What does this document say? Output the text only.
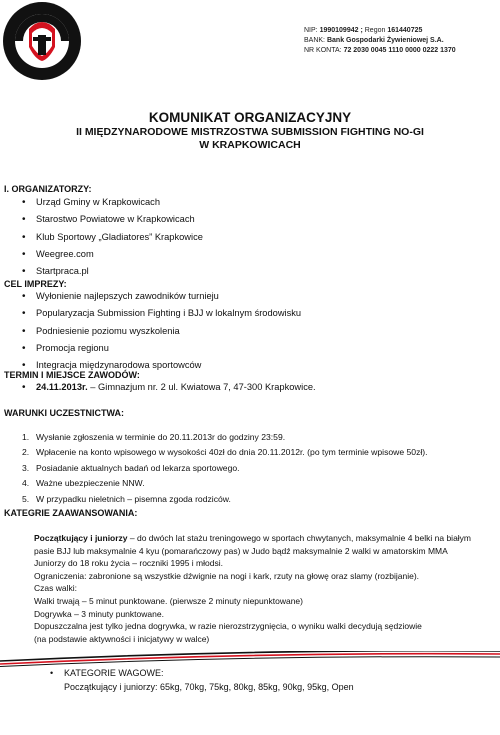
NIP: 1990109942 ; Regon 161440725
BANK: Bank Gospodarki Żywieniowej S.A.
NR KONTA: 72 2030 0045 1110 0000 0222 1370
KOMUNIKAT ORGANIZACYJNY
II MIĘDZYNARODOWE MISTRZOSTWA SUBMISSION FIGHTING NO-GI
W KRAPKOWICACH
I. ORGANIZATORZY:
• Urząd Gminy w Krapkowicach
• Starostwo Powiatowe w Krapkowicach
• Klub Sportowy „Gladiatores” Krapkowice
• Weegree.com
• Startpraca.pl
CEL IMPREZY:
• Wyłonienie najlepszych zawodników turnieju
• Popularyzacja Submission Fighting i BJJ w lokalnym środowisku
• Podniesienie poziomu wyszkolenia
• Promocja regionu
• Integracja międzynarodowa sportowców
TERMIN I MIEJSCE ZAWODÓW:
• 24.11.2013r. – Gimnazjum nr. 2 ul. Kwiatowa 7, 47-300 Krapkowice.
WARUNKI UCZESTNICTWA:
1. Wysłanie zgłoszenia w terminie do 20.11.2013r do godziny 23:59.
2. Wpłacenie na konto wpisowego w wysokości 40zł do dnia 20.11.2012r. (po tym terminie wpisowe 50zł).
3. Posiadanie aktualnych badań od lekarza sportowego.
4. Ważne ubezpieczenie NNW.
5. W przypadku nieletnich – pisemna zgoda rodziców.
KATEGRIE ZAAWANSOWANIA:

Początkujący i juniorzy – do dwóch lat stażu treningowego w sportach chwytanych, maksymalnie 4 belki na białym pasie BJJ lub maksymalnie 4 kyu (pomarańczowy pas) w Judo bądź maksymalnie 2 walki w amatorskim MMA

Juniorzy do 18 roku życia – roczniki 1995 i młodsi.

Ograniczenia: zabronione są wszystkie dźwignie na nogi i kark, rzuty na głowę oraz slamy (rozbijanie).

Czas walki:

Walki trwają – 5 minut punktowane. (pierwsze 2 minuty niepunktowane)

Dogrywka – 3 minuty punktowane.

Dopuszczalna jest tylko jedna dogrywka, w razie nierozstrzygnięcia, o wyniku walki decydują sędziowie

(na podstawie aktywności i inicjatywy w walce)

• KATEGORIE WAGOWE:
Początkujący i juniorzy: 65kg, 70kg, 75kg, 80kg, 85kg, 90kg, 95kg, Open
